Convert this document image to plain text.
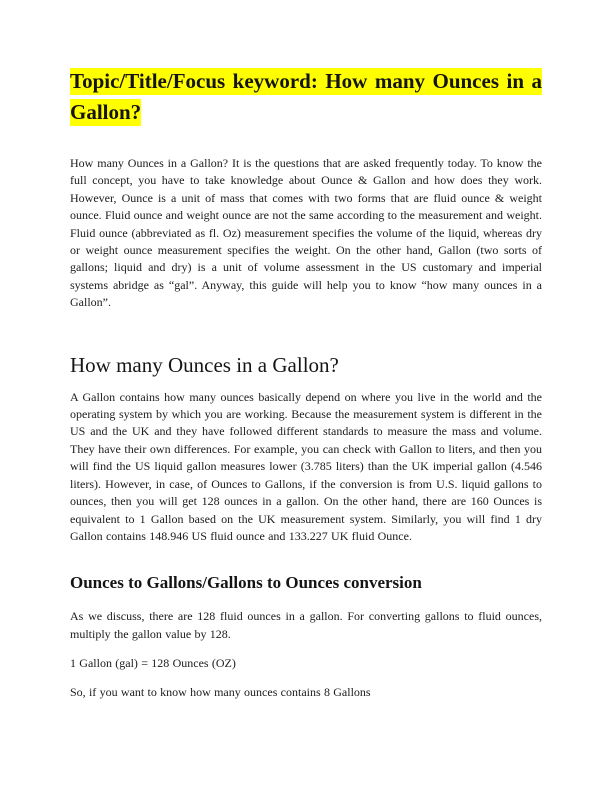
Topic/Title/Focus keyword: How many Ounces in a Gallon?

How many Ounces in a Gallon? It is the questions that are asked frequently today. To know the full concept, you have to take knowledge about Ounce & Gallon and how does they work. However, Ounce is a unit of mass that comes with two forms that are fluid ounce & weight ounce. Fluid ounce and weight ounce are not the same according to the measurement and weight. Fluid ounce (abbreviated as fl. Oz) measurement specifies the volume of the liquid, whereas dry or weight ounce measurement specifies the weight. On the other hand, Gallon (two sorts of gallons; liquid and dry) is a unit of volume assessment in the US customary and imperial systems abridge as “gal”. Anyway, this guide will help you to know “how many ounces in a Gallon”.

How many Ounces in a Gallon?

A Gallon contains how many ounces basically depend on where you live in the world and the operating system by which you are working. Because the measurement system is different in the US and the UK and they have followed different standards to measure the mass and volume. They have their own differences. For example, you can check with Gallon to liters, and then you will find the US liquid gallon measures lower (3.785 liters) than the UK imperial gallon (4.546 liters). However, in case, of Ounces to Gallons, if the conversion is from U.S. liquid gallons to ounces, then you will get 128 ounces in a gallon. On the other hand, there are 160 Ounces is equivalent to 1 Gallon based on the UK measurement system. Similarly, you will find 1 dry Gallon contains 148.946 US fluid ounce and 133.227 UK fluid Ounce.

Ounces to Gallons/Gallons to Ounces conversion

As we discuss, there are 128 fluid ounces in a gallon. For converting gallons to fluid ounces, multiply the gallon value by 128.

1 Gallon (gal) = 128 Ounces (OZ)

So, if you want to know how many ounces contains 8 Gallons
